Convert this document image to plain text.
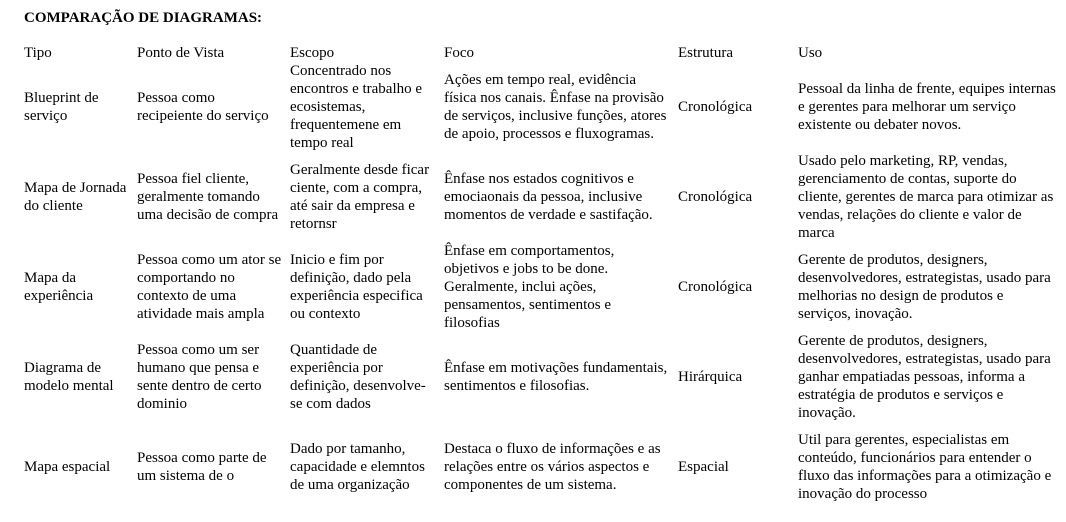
COMPARAÇÃO DE DIAGRAMAS:
Tipo	Ponto de Vista	Escopo	Foco	Estrutura	Uso
Blueprint de serviço	Pessoa como recipeiente do serviço	Concentrado nos encontros e trabalho e ecosistemas, frequentemene em tempo real	Ações em tempo real, evidência física nos canais. Ênfase na provisão de serviços, inclusive funções, atores de apoio, processos e fluxogramas.	Cronológica	Pessoal da linha de frente, equipes internas e gerentes para melhorar um serviço existente ou debater novos.
Mapa de Jornada do cliente	Pessoa fiel cliente, geralmente tomando uma decisão de compra	Geralmente desde ficar ciente, com a compra, até sair da empresa e retornsr	Ênfase nos estados cognitivos e emociaonais da pessoa, inclusive momentos de verdade e sastifação.	Cronológica	Usado pelo marketing, RP, vendas, gerenciamento de contas, suporte do cliente, gerentes de marca para otimizar as vendas, relações do cliente e valor de marca
Mapa da experiência	Pessoa como um ator se comportando no contexto de uma atividade mais ampla	Inicio e fim por definição, dado pela experiência especifica ou contexto	Ênfase em comportamentos, objetivos e jobs to be done. Geralmente, inclui ações, pensamentos, sentimentos e filosofias	Cronológica	Gerente de produtos, designers, desenvolvedores, estrategistas, usado para melhorias no design de produtos e serviços, inovação.
Diagrama de modelo mental	Pessoa como um ser humano que pensa e sente dentro de certo dominio	Quantidade de experiência por definição, desenvolve-se com dados	Ênfase em motivações fundamentais, sentimentos e filosofias.	Hirárquica	Gerente de produtos, designers, desenvolvedores, estrategistas, usado para ganhar empatiadas pessoas, informa a estratégia de produtos e serviços e inovação.
Mapa espacial	Pessoa como parte de um sistema de o	Dado por tamanho, capacidade e elemntos de uma organização	Destaca o fluxo de informações e as relações entre os vários aspectos e componentes de um sistema.	Espacial	Util para gerentes, especialistas em conteúdo, funcionários para entender o fluxo das informações para a otimização e inovação do processo
